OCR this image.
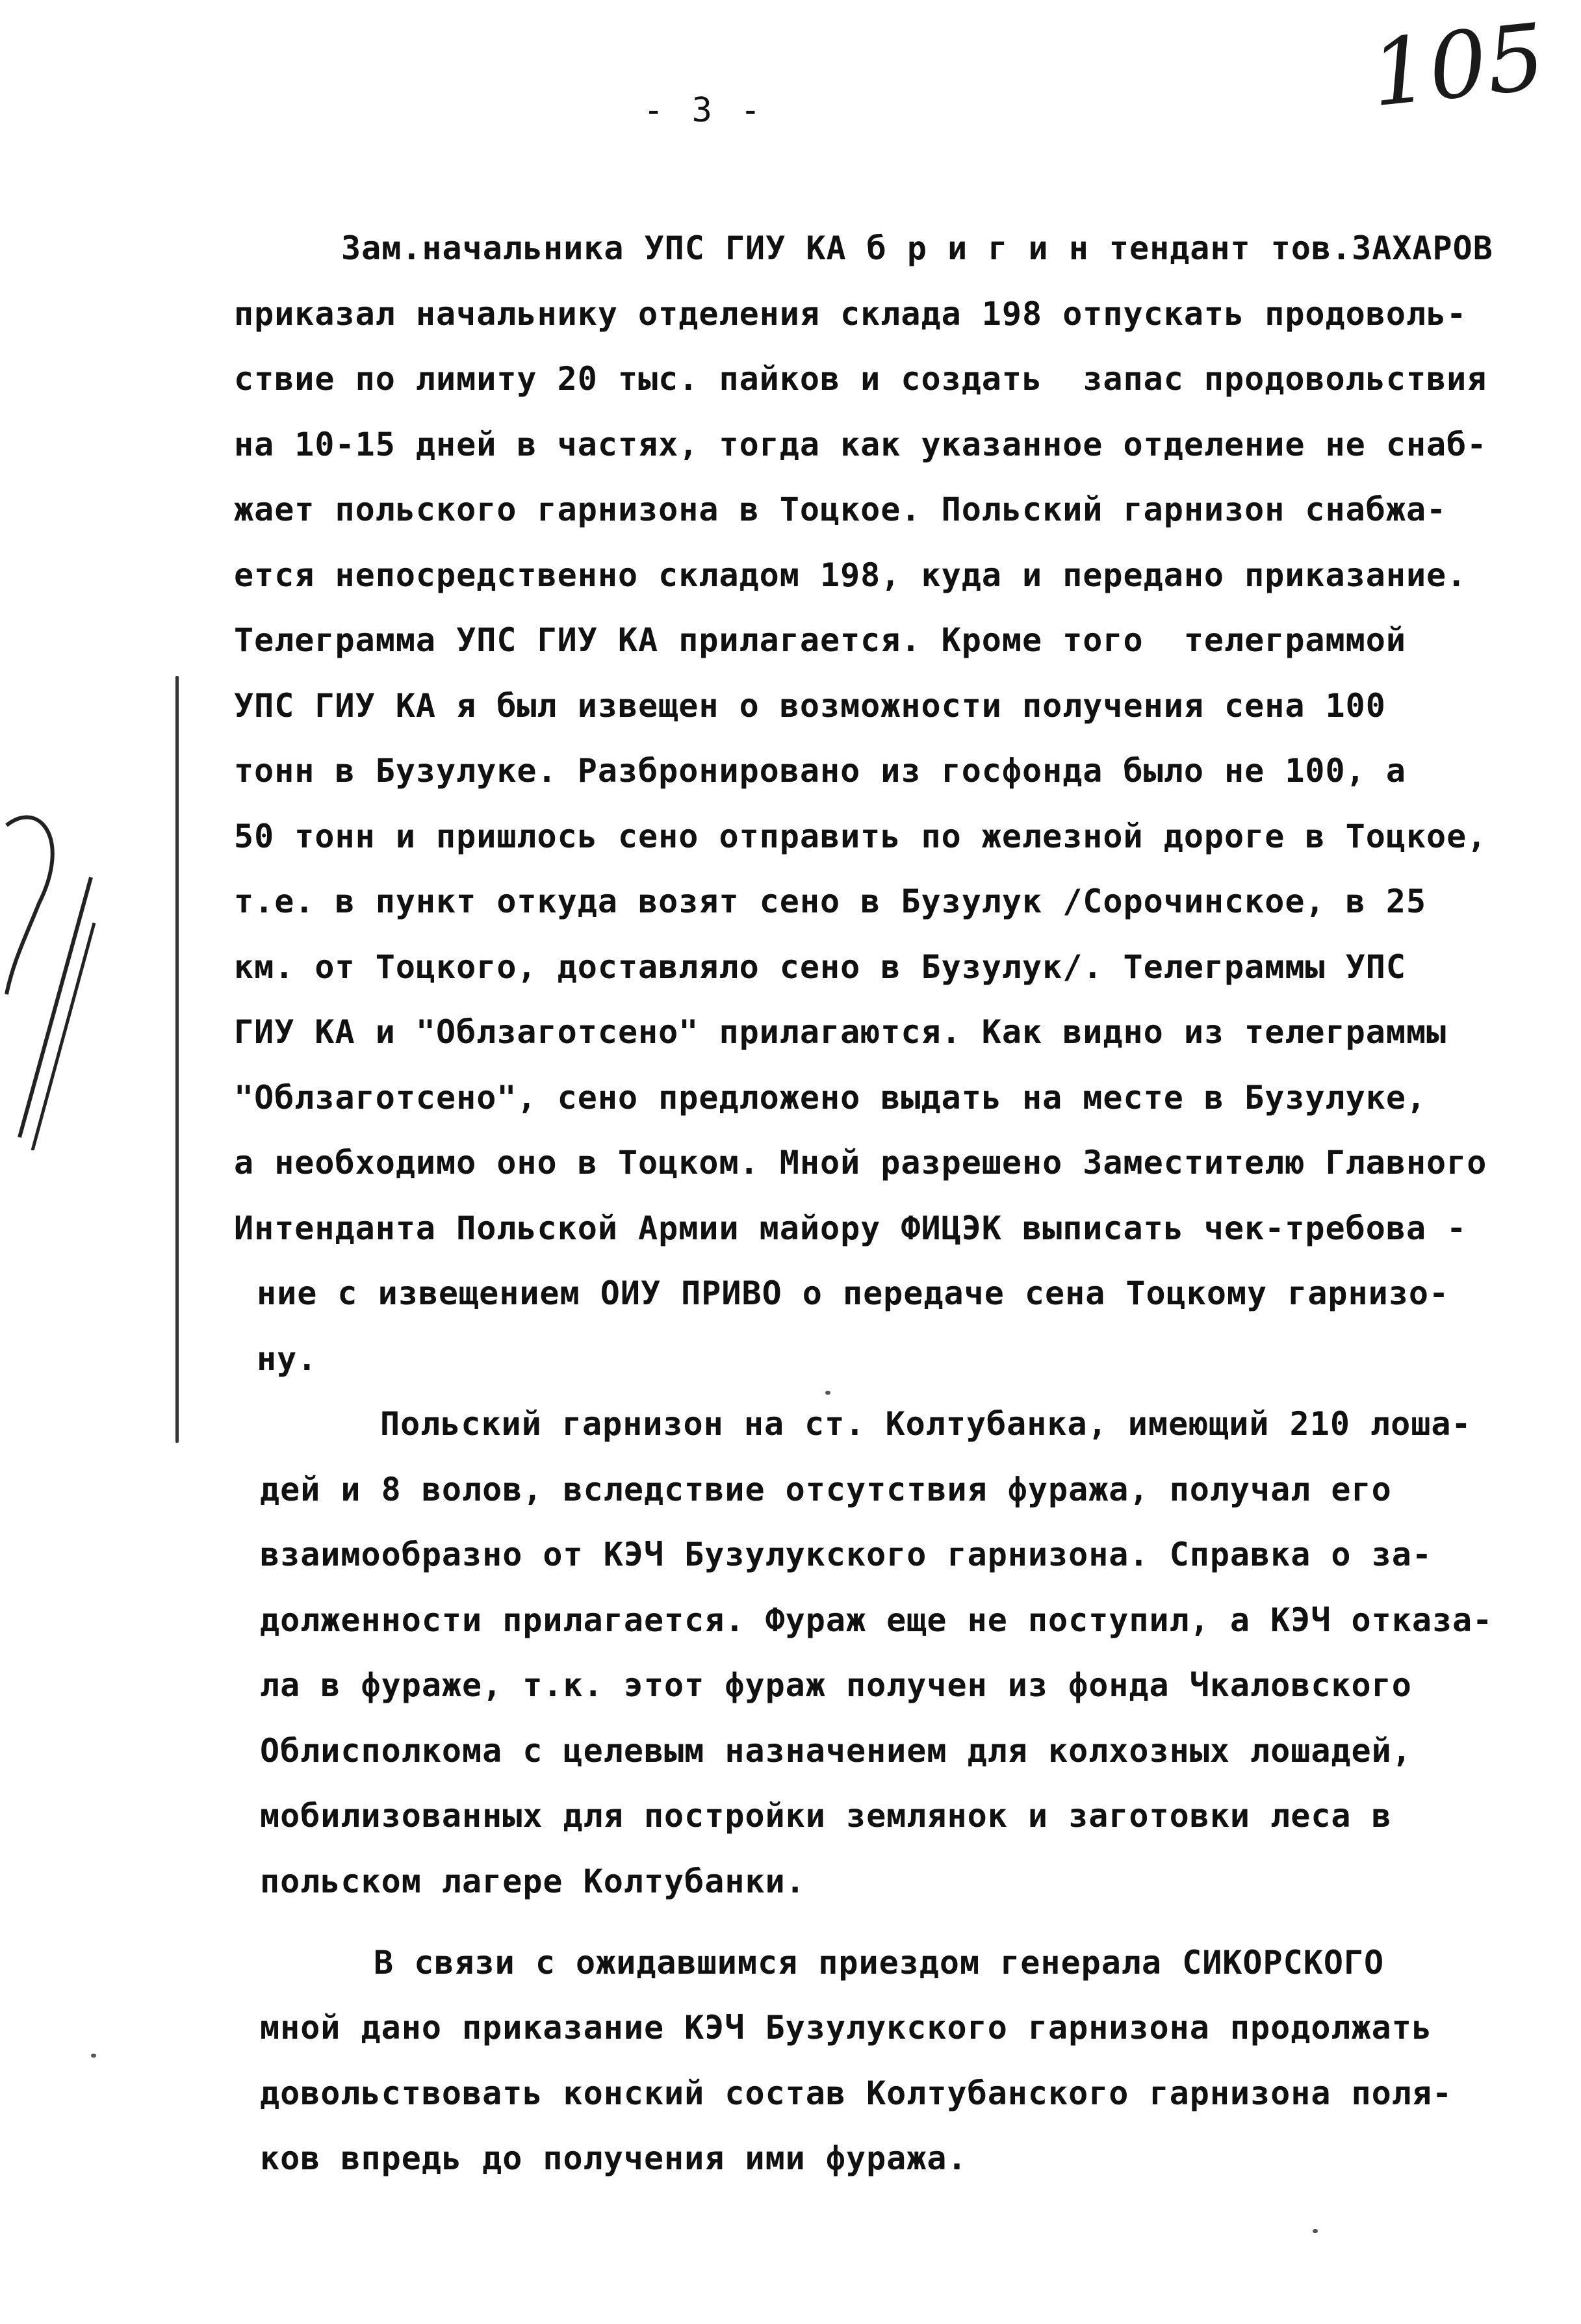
- 3 -	105
Зам.начальника УПС ГИУ КА б р и г и н тендант тов.ЗАХАРОВ
приказал начальнику отделения склада 198 отпускать продоволь-
ствие по лимиту 20 тыс. пайков и создать  запас продовольствия
на 10-15 дней в частях, тогда как указанное отделение не снаб-
жает польского гарнизона в Тоцкое. Польский гарнизон снабжа-
ется непосредственно складом 198, куда и передано приказание.
Телеграмма УПС ГИУ КА прилагается. Кроме того  телеграммой
УПС ГИУ КА я был извещен о возможности получения сена 100
тонн в Бузулуке. Разбронировано из госфонда было не 100, а
50 тонн и пришлось сено отправить по железной дороге в Тоцкое,
т.е. в пункт откуда возят сено в Бузулук /Сорочинское, в 25
км. от Тоцкого, доставляло сено в Бузулук/. Телеграммы УПС
ГИУ КА и "Облзаготсено" прилагаются. Как видно из телеграммы
"Облзаготсено", сено предложено выдать на месте в Бузулуке,
а необходимо оно в Тоцком. Мной разрешено Заместителю Главного
Интенданта Польской Армии майору ФИЦЭК выписать чек-требова -
ние с извещением ОИУ ПРИВО о передаче сена Тоцкому гарнизо-
ну.
Польский гарнизон на ст. Колтубанка, имеющий 210 лоша-
дей и 8 волов, вследствие отсутствия фуража, получал его
взаимообразно от КЭЧ Бузулукского гарнизона. Справка о за-
долженности прилагается. Фураж еще не поступил, а КЭЧ отказа-
ла в фураже, т.к. этот фураж получен из фонда Чкаловского
Облисполкома с целевым назначением для колхозных лошадей,
мобилизованных для постройки землянок и заготовки леса в
польском лагере Колтубанки.
В связи с ожидавшимся приездом генерала СИКОРСКОГО
мной дано приказание КЭЧ Бузулукского гарнизона продолжать
довольствовать конский состав Колтубанского гарнизона поля-
ков впредь до получения ими фуража.
